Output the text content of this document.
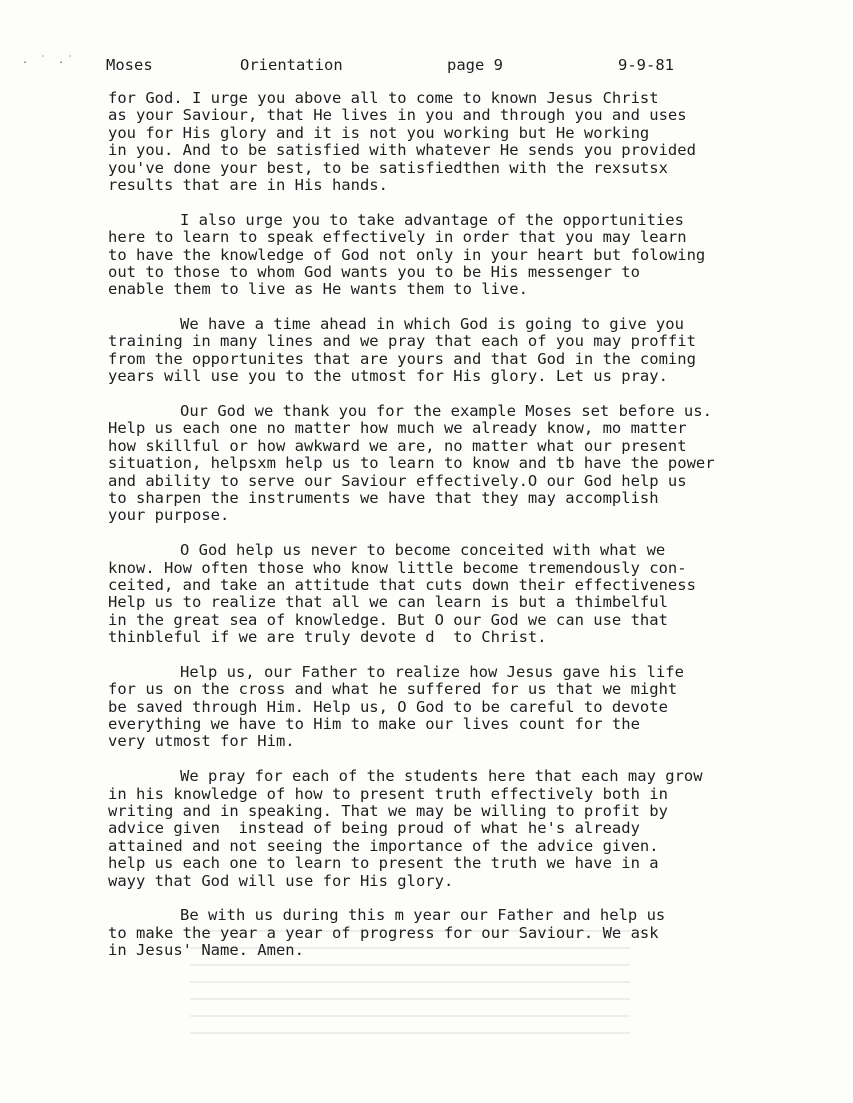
. ˙ .˙ Moses	Orientation	page 9	9-9-81
for God. I urge you above all to come to known Jesus Christ
as your Saviour, that He lives in you and through you and uses
you for His glory and it is not you working but He working
in you. And to be satisfied with whatever He sends you provided
you've done your best, to be satisfiedthen with the rexsutsx
results that are in His hands.
I also urge you to take advantage of the opportunities
here to learn to speak effectively in order that you may learn
to have the knowledge of God not only in your heart but folowing
out to those to whom God wants you to be His messenger to
enable them to live as He wants them to live.
We have a time ahead in which God is going to give you
training in many lines and we pray that each of you may proffit
from the opportunites that are yours and that God in the coming
years will use you to the utmost for His glory. Let us pray.
Our God we thank you for the example Moses set before us.
Help us each one no matter how much we already know, mo matter
how skillful or how awkward we are, no matter what our present
situation, helpsxm help us to learn to know and tb have the power
and ability to serve our Saviour effectively.O our God help us
to sharpen the instruments we have that they may accomplish
your purpose.
O God help us never to become conceited with what we
know. How often those who know little become tremendously con-
ceited, and take an attitude that cuts down their effectiveness
Help us to realize that all we can learn is but a thimbelful
in the great sea of knowledge. But O our God we can use that
thinbleful if we are truly devote d  to Christ.
Help us, our Father to realize how Jesus gave his life
for us on the cross and what he suffered for us that we might
be saved through Him. Help us, O God to be careful to devote
everything we have to Him to make our lives count for the
very utmost for Him.
We pray for each of the students here that each may grow
in his knowledge of how to present truth effectively both in
writing and in speaking. That we may be willing to profit by
advice given  instead of being proud of what he's already
attained and not seeing the importance of the advice given.
help us each one to learn to present the truth we have in a
wayy that God will use for His glory.
Be with us during this m year our Father and help us
to make the year a year of progress for our Saviour. We ask
in Jesus' Name. Amen.
